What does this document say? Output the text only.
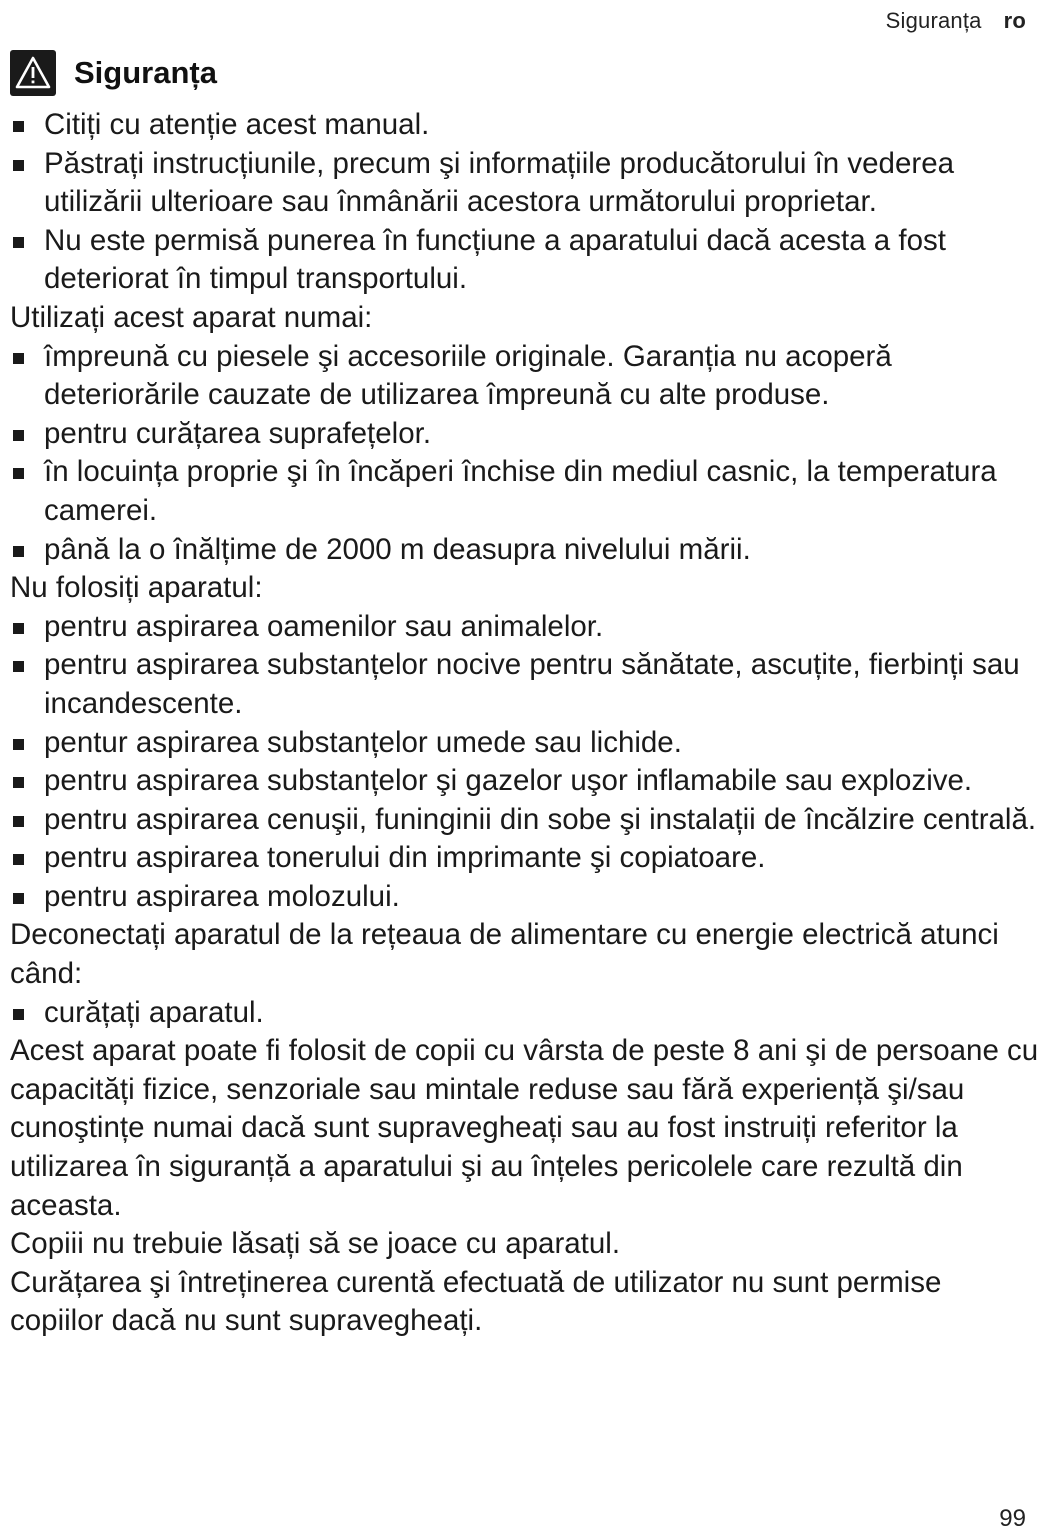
Siguranța ro
Siguranța
Citiți cu atenție acest manual.
Păstrați instrucțiunile, precum şi informațiile producătorului în vederea utilizării ulterioare sau înmânării acestora următorului proprietar.
Nu este permisă punerea în funcțiune a aparatului dacă acesta a fost deteriorat în timpul transportului.

Utilizați acest aparat numai:

împreună cu piesele şi accesoriile originale. Garanția nu acoperă deteriorările cauzate de utilizarea împreună cu alte produse.
pentru curățarea suprafețelor.
în locuința proprie şi în încăperi închise din mediul casnic, la temperatura camerei.
până la o înălțime de 2000 m deasupra nivelului mării.

Nu folosiți aparatul:

pentru aspirarea oamenilor sau animalelor.
pentru aspirarea substanțelor nocive pentru sănătate, ascuțite, fierbinți sau incandescente.
pentur aspirarea substanțelor umede sau lichide.
pentru aspirarea substanțelor şi gazelor uşor inflamabile sau explozive.
pentru aspirarea cenuşii, funinginii din sobe şi instalații de încălzire centrală.
pentru aspirarea tonerului din imprimante şi copiatoare.
pentru aspirarea molozului.

Deconectați aparatul de la rețeaua de alimentare cu energie electrică atunci când:

curățați aparatul.

Acest aparat poate fi folosit de copii cu vârsta de peste 8 ani şi de persoane cu capacități fizice, senzoriale sau mintale reduse sau fără experiență şi/sau cunoştințe numai dacă sunt supravegheați sau au fost instruiți referitor la utilizarea în siguranță a aparatului şi au înțeles pericolele care rezultă din aceasta.

Copiii nu trebuie lăsați să se joace cu aparatul.

Curățarea şi întreținerea curentă efectuată de utilizator nu sunt permise copiilor dacă nu sunt supravegheați.

99
